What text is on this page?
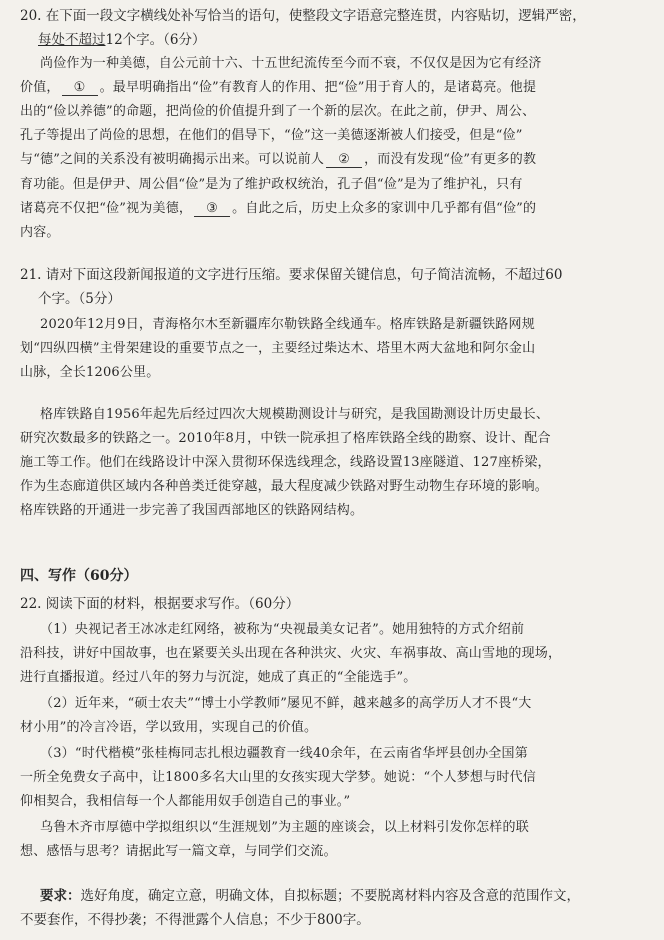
20. 在下面一段文字横线处补写恰当的语句，使整段文字语意完整连贯，内容贴切，逻辑严密，

每处不超过12个字。（6分）

尚俭作为一种美德，自公元前十六、十五世纪流传至今而不衰，不仅仅是因为它有经济

价值， ① 。最早明确指出“俭”有教育人的作用、把“俭”用于育人的，是诸葛亮。他提

出的“俭以养德”的命题，把尚俭的价值提升到了一个新的层次。在此之前，伊尹、周公、

孔子等提出了尚俭的思想，在他们的倡导下，“俭”这一美德逐渐被人们接受，但是“俭”

与“德”之间的关系没有被明确揭示出来。可以说前人 ② ，而没有发现“俭”有更多的教

育功能。但是伊尹、周公倡“俭”是为了维护政权统治，孔子倡“俭”是为了维护礼，只有

诸葛亮不仅把“俭”视为美德， ③ 。自此之后，历史上众多的家训中几乎都有倡“俭”的

内容。

21. 请对下面这段新闻报道的文字进行压缩。要求保留关键信息，句子简洁流畅，不超过60

个字。（5分）

2020年12月9日，青海格尔木至新疆库尔勒铁路全线通车。格库铁路是新疆铁路网规

划“四纵四横”主骨架建设的重要节点之一，主要经过柴达木、塔里木两大盆地和阿尔金山

山脉，全长1206公里。

格库铁路自1956年起先后经过四次大规模勘测设计与研究，是我国勘测设计历史最长、

研究次数最多的铁路之一。2010年8月，中铁一院承担了格库铁路全线的勘察、设计、配合

施工等工作。他们在线路设计中深入贯彻环保选线理念，线路设置13座隧道、127座桥梁，

作为生态廊道供区域内各种兽类迁徙穿越，最大程度减少铁路对野生动物生存环境的影响。

格库铁路的开通进一步完善了我国西部地区的铁路网结构。

四、写作（60分）

22. 阅读下面的材料，根据要求写作。（60分）

（1）央视记者王冰冰走红网络，被称为“央视最美女记者”。她用独特的方式介绍前

沿科技，讲好中国故事，也在紧要关头出现在各种洪灾、火灾、车祸事故、高山雪地的现场，

进行直播报道。经过八年的努力与沉淀，她成了真正的“全能选手”。

（2）近年来，“硕士农夫”“博士小学教师”屡见不鲜，越来越多的高学历人才不畏“大

材小用”的冷言冷语，学以致用，实现自己的价值。

（3）“时代楷模”张桂梅同志扎根边疆教育一线40余年，在云南省华坪县创办全国第

一所全免费女子高中，让1800多名大山里的女孩实现大学梦。她说：“个人梦想与时代信

仰相契合，我相信每一个人都能用奴手创造自己的事业。”

乌鲁木齐市厚德中学拟组织以“生涯规划”为主题的座谈会，以上材料引发你怎样的联

想、感悟与思考？请据此写一篇文章，与同学们交流。

要求：选好角度，确定立意，明确文体，自拟标题；不要脱离材料内容及含意的范围作文，

不要套作，不得抄袭；不得泄露个人信息；不少于800字。
